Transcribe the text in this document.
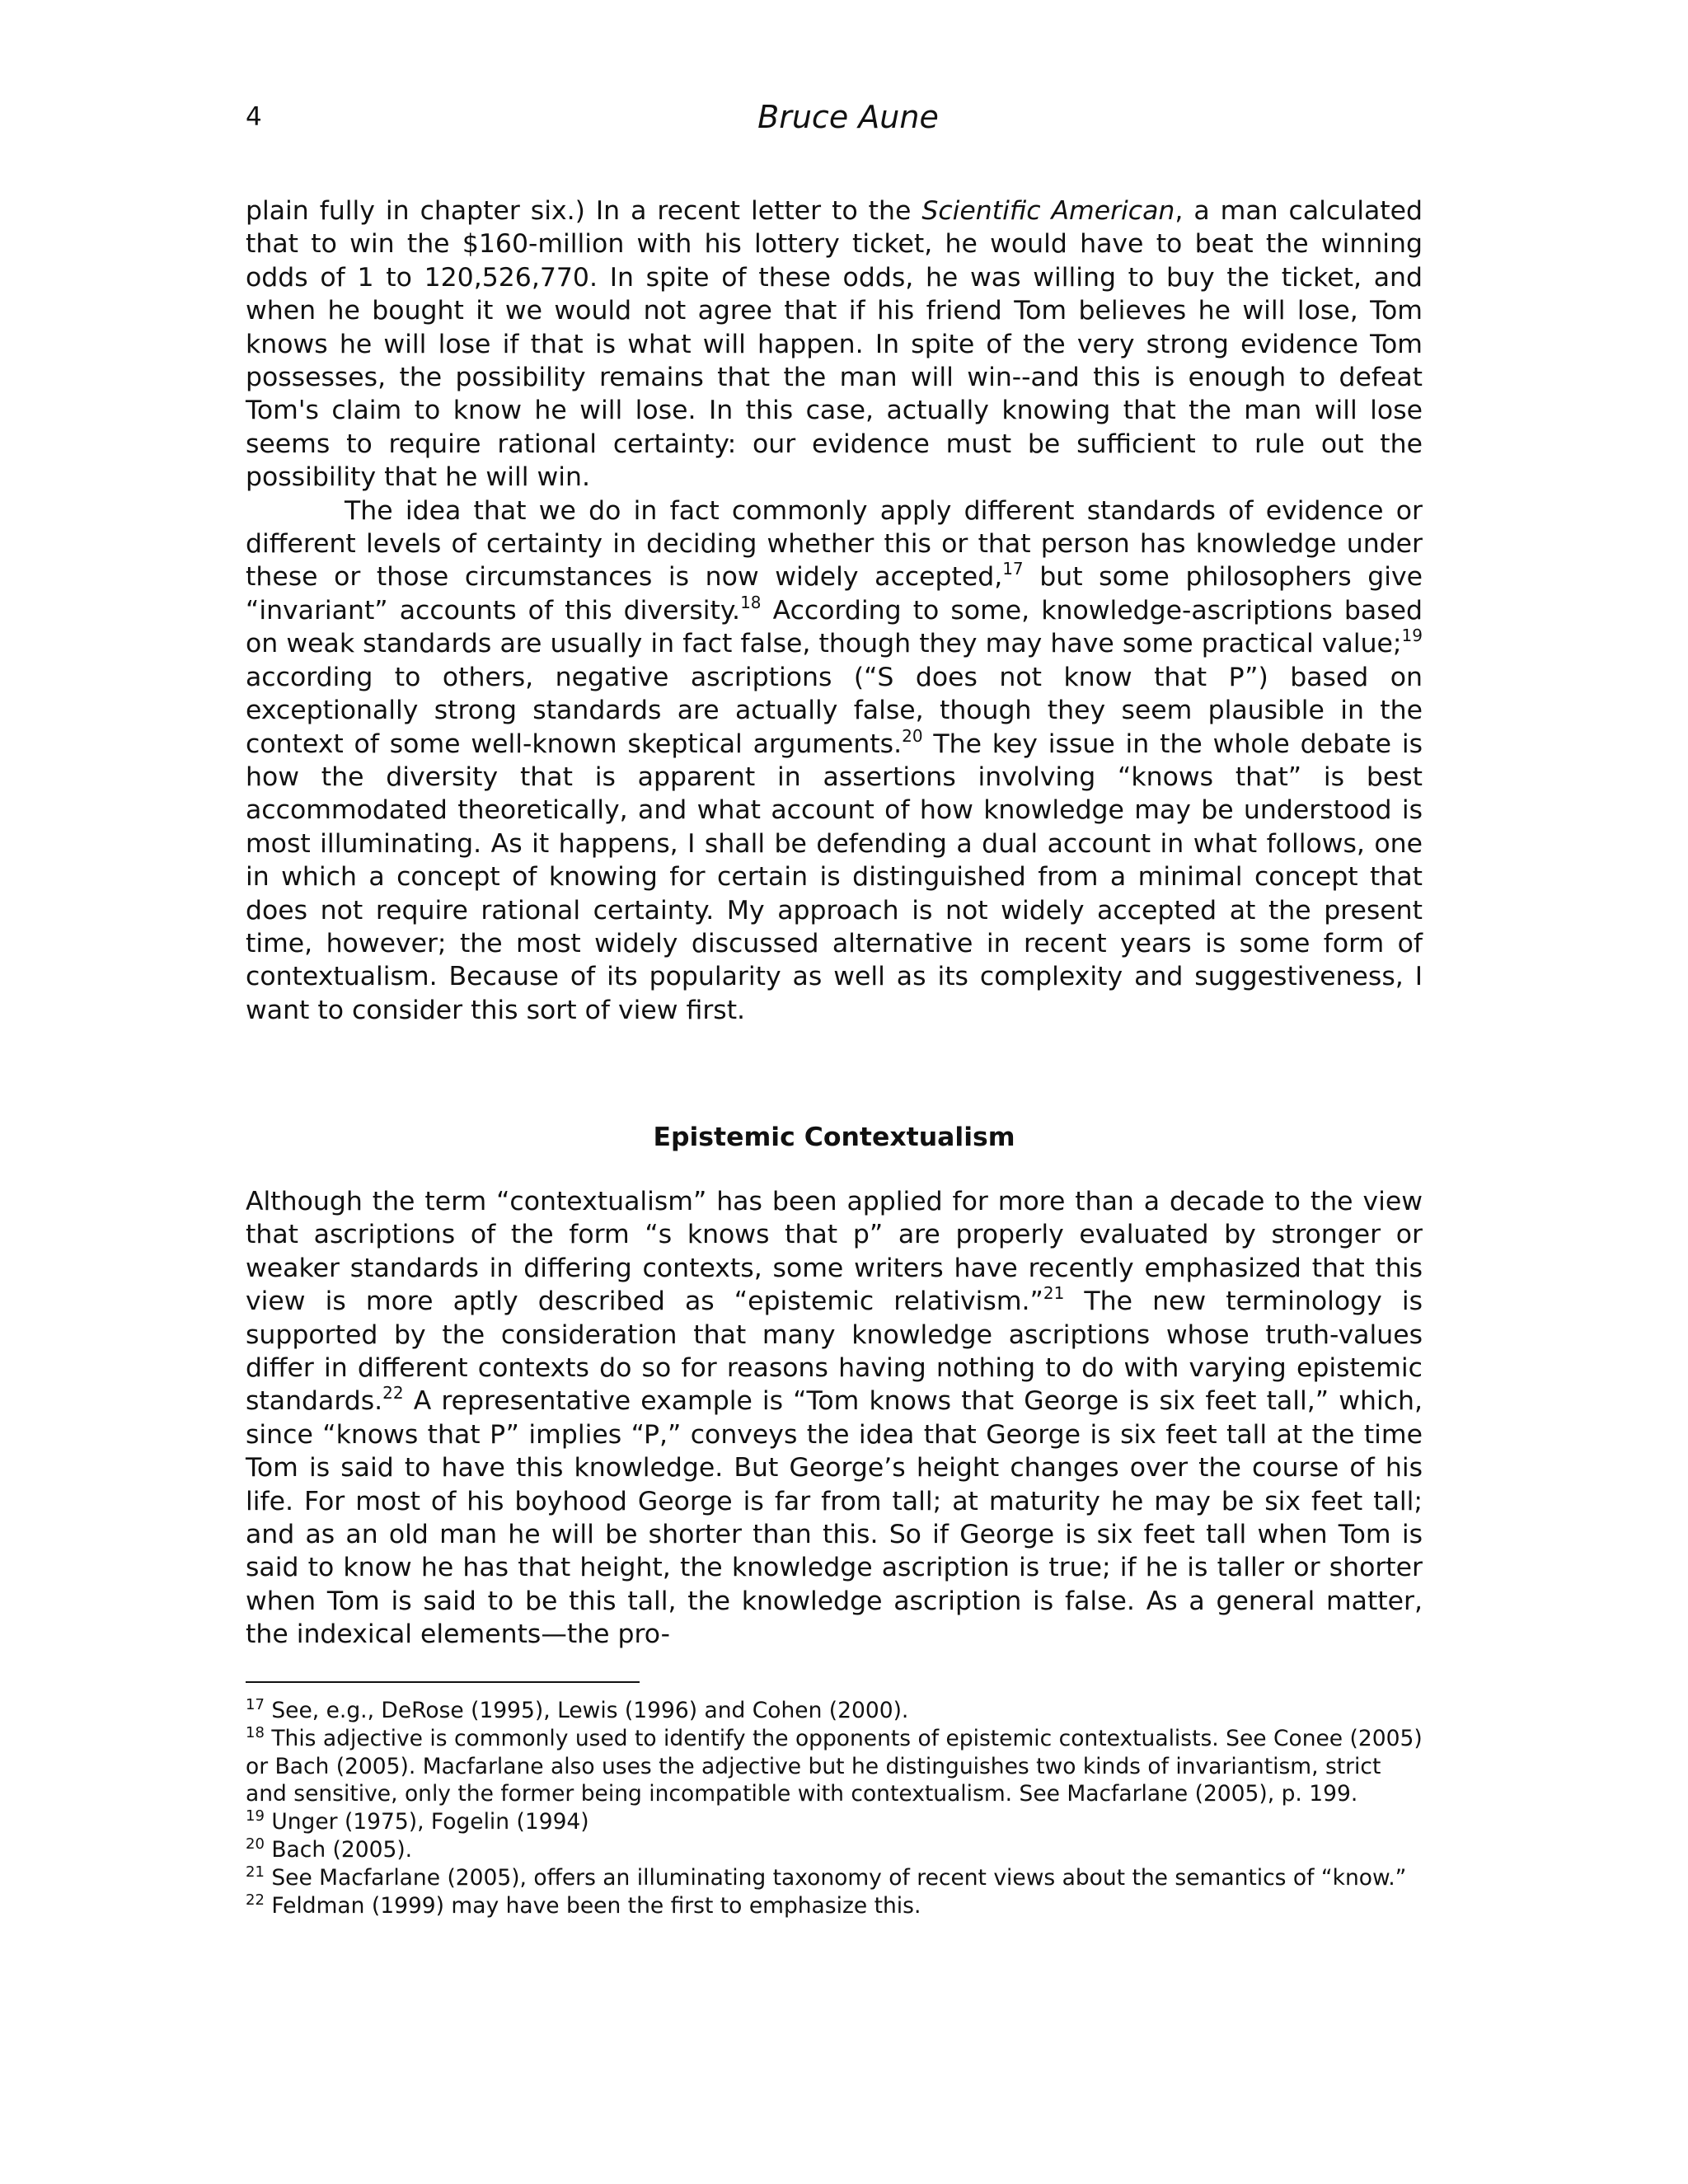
4	Bruce Aune

plain fully in chapter six.) In a recent letter to the Scientific American, a man calculated that to win the $160-million with his lottery ticket, he would have to beat the winning odds of 1 to 120,526,770. In spite of these odds, he was willing to buy the ticket, and when he bought it we would not agree that if his friend Tom believes he will lose, Tom knows he will lose if that is what will happen. In spite of the very strong evidence Tom possesses, the possibility remains that the man will win--and this is enough to defeat Tom's claim to know he will lose. In this case, actually knowing that the man will lose seems to require rational certainty: our evidence must be sufficient to rule out the possibility that he will win.

The idea that we do in fact commonly apply different standards of evidence or different levels of certainty in deciding whether this or that person has knowledge under these or those circumstances is now widely accepted,$^{17}$ but some philosophers give “invariant” accounts of this diversity.$^{18}$ According to some, knowledge-ascriptions based on weak standards are usually in fact false, though they may have some practical value;$^{19}$ according to others, negative ascriptions (“S does not know that P”) based on exceptionally strong standards are actually false, though they seem plausible in the context of some well-known skeptical arguments.$^{20}$ The key issue in the whole debate is how the diversity that is apparent in assertions involving “knows that” is best accommodated theoretically, and what account of how knowledge may be understood is most illuminating. As it happens, I shall be defending a dual account in what follows, one in which a concept of knowing for certain is distinguished from a minimal concept that does not require rational certainty. My approach is not widely accepted at the present time, however; the most widely discussed alternative in recent years is some form of contextualism. Because of its popularity as well as its complexity and suggestiveness, I want to consider this sort of view first.

Epistemic Contextualism

Although the term “contextualism” has been applied for more than a decade to the view that ascriptions of the form “s knows that p” are properly evaluated by stronger or weaker standards in differing contexts, some writers have recently emphasized that this view is more aptly described as “epistemic relativism.”$^{21}$ The new terminology is supported by the consideration that many knowledge ascriptions whose truth-values differ in different contexts do so for reasons having nothing to do with varying epistemic standards.$^{22}$ A representative example is “Tom knows that George is six feet tall,” which, since “knows that P” implies “P,” conveys the idea that George is six feet tall at the time Tom is said to have this knowledge. But George’s height changes over the course of his life. For most of his boyhood George is far from tall; at maturity he may be six feet tall; and as an old man he will be shorter than this. So if George is six feet tall when Tom is said to know he has that height, the knowledge ascription is true; if he is taller or shorter when Tom is said to be this tall, the knowledge ascription is false. As a general matter, the indexical elements—the pro-

$^{17}$ See, e.g., DeRose (1995), Lewis (1996) and Cohen (2000).

$^{18}$ This adjective is commonly used to identify the opponents of epistemic contextualists. See Conee (2005) or Bach (2005). Macfarlane also uses the adjective but he distinguishes two kinds of invariantism, strict and sensitive, only the former being incompatible with contextualism. See Macfarlane (2005), p. 199.

$^{19}$ Unger (1975), Fogelin (1994)

$^{20}$ Bach (2005).

$^{21}$ See Macfarlane (2005), offers an illuminating taxonomy of recent views about the semantics of “know.”

$^{22}$ Feldman (1999) may have been the first to emphasize this.
